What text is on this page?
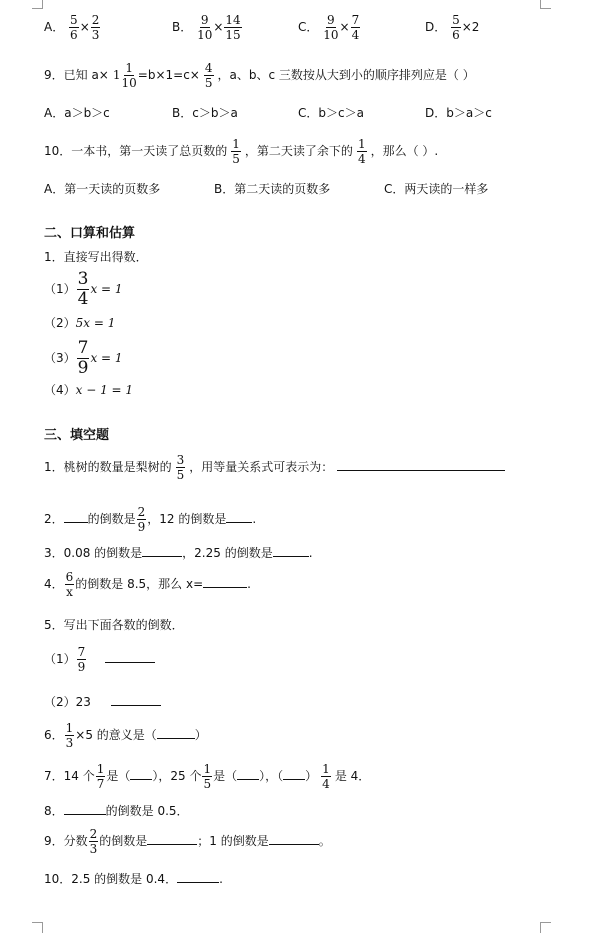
A． $\frac{5}{6} \times \frac{2}{3}$	B． $\frac{9}{10} \times \frac{14}{15}$	C． $\frac{9}{10} \times \frac{7}{4}$	D． $\frac{5}{6} \times 2$
9．已知 $a\times 1 \frac{1}{10} =b\times 1=c\times \frac{4}{5}$ ，a、b、c 三数按从大到小的顺序排列应是（ ）
A．a＞b＞c	B．c＞b＞a	C．b＞c＞a	D．b＞a＞c
10．一本书，第一天读了总页数的 $\frac{1}{5}$ ，第二天读了余下的 $\frac{1}{4}$ ，那么（ ）.
A．第一天读的页数多	B．第二天读的页数多	C．两天读的一样多
二、口算和估算
1．直接写出得数．
$(1) \frac{3}{4}$ x = 1
（2）5x = 1
$(3) \frac{7}{9}$ x = 1
（4）x − 1 = 1
三、填空题
1．桃树的数量是梨树的 $\frac{3}{5}$ ，用等量关系式可表示为：
2． 的倒数是 $\frac{2}{9}$ ，12 的倒数是 .
3．0.08 的倒数是	，2.25 的倒数是	.
4． $\frac{6}{x}$ 的倒数是 8.5，那么 x=	.
5．写出下面各数的倒数．
$(1) \frac{7}{9}$
（2）23
6． $\frac{1}{3} \times 5$ 的意义是（	）
7．14 个 $\frac{1}{7}$ 是（ ），25 个 $\frac{1}{5}$ 是（ ），（ ） $\frac{1}{4}$ 是 4．
8．	的倒数是 0.5．
9．分数 $\frac{2}{3}$ 的倒数是	；1 的倒数是	。
10．2.5 的倒数是 0.4．	.
